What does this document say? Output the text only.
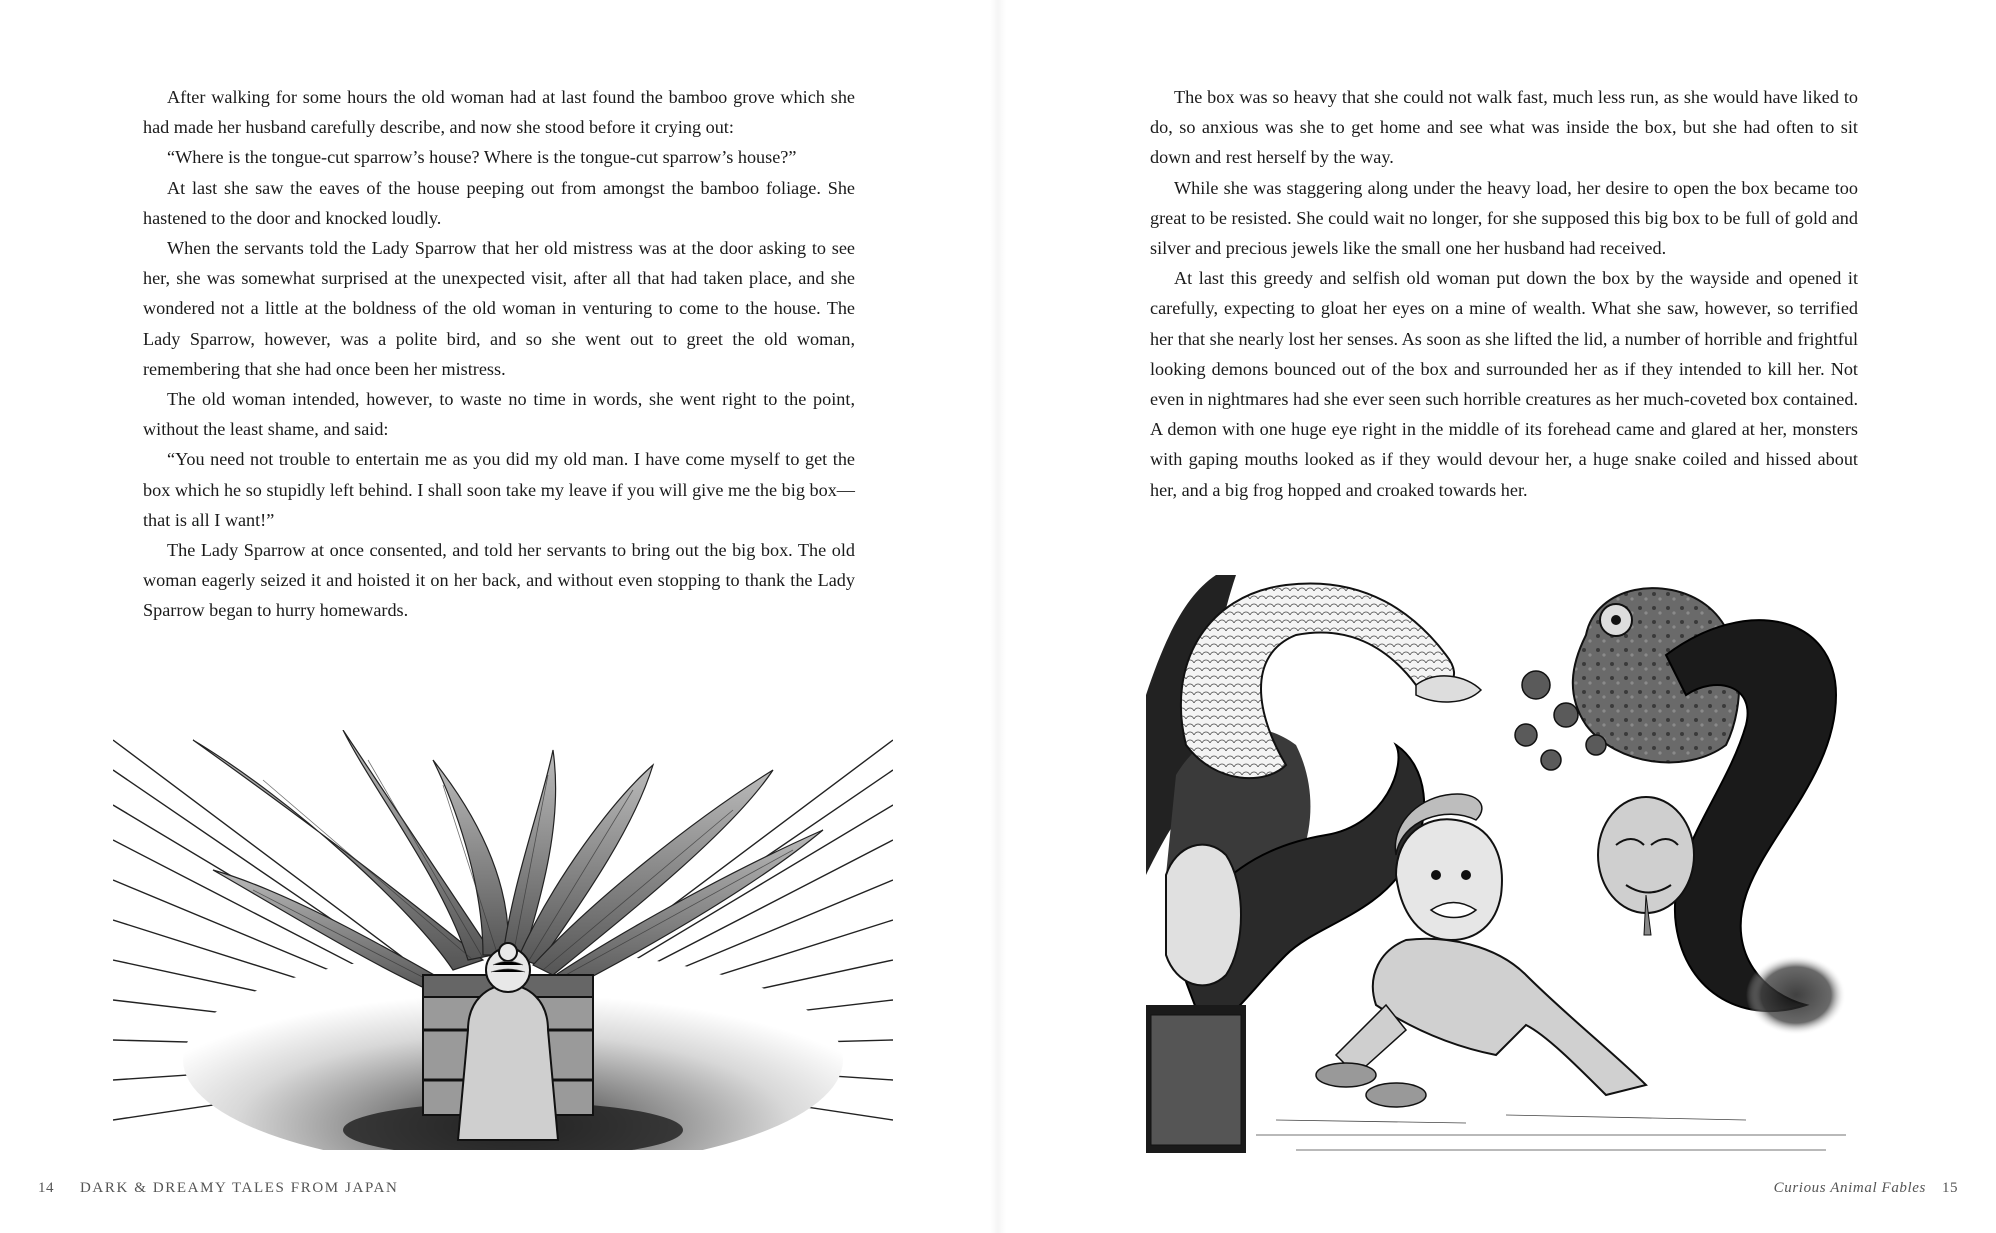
After walking for some hours the old woman had at last found the bamboo grove which she had made her husband carefully describe, and now she stood before it crying out:

“Where is the tongue-cut sparrow’s house? Where is the tongue-cut sparrow’s house?”

At last she saw the eaves of the house peeping out from amongst the bamboo foliage. She hastened to the door and knocked loudly.

When the servants told the Lady Sparrow that her old mistress was at the door asking to see her, she was somewhat surprised at the unexpected visit, after all that had taken place, and she wondered not a little at the boldness of the old woman in venturing to come to the house. The Lady Sparrow, however, was a polite bird, and so she went out to greet the old woman, remembering that she had once been her mistress.

The old woman intended, however, to waste no time in words, she went right to the point, without the least shame, and said:

“You need not trouble to entertain me as you did my old man. I have come myself to get the box which he so stupidly left behind. I shall soon take my leave if you will give me the big box—that is all I want!”

The Lady Sparrow at once consented, and told her servants to bring out the big box. The old woman eagerly seized it and hoisted it on her back, and without even stopping to thank the Lady Sparrow began to hurry homewards.

14 DARK & DREAMY TALES FROM JAPAN

The box was so heavy that she could not walk fast, much less run, as she would have liked to do, so anxious was she to get home and see what was inside the box, but she had often to sit down and rest herself by the way.

While she was staggering along under the heavy load, her desire to open the box became too great to be resisted. She could wait no longer, for she supposed this big box to be full of gold and silver and precious jewels like the small one her husband had received.

At last this greedy and selfish old woman put down the box by the wayside and opened it carefully, expecting to gloat her eyes on a mine of wealth. What she saw, however, so terrified her that she nearly lost her senses. As soon as she lifted the lid, a number of horrible and frightful looking demons bounced out of the box and surrounded her as if they intended to kill her. Not even in nightmares had she ever seen such horrible creatures as her much-coveted box contained. A demon with one huge eye right in the middle of its forehead came and glared at her, monsters with gaping mouths looked as if they would devour her, a huge snake coiled and hissed about her, and a big frog hopped and croaked towards her.

Curious Animal Fables 15
